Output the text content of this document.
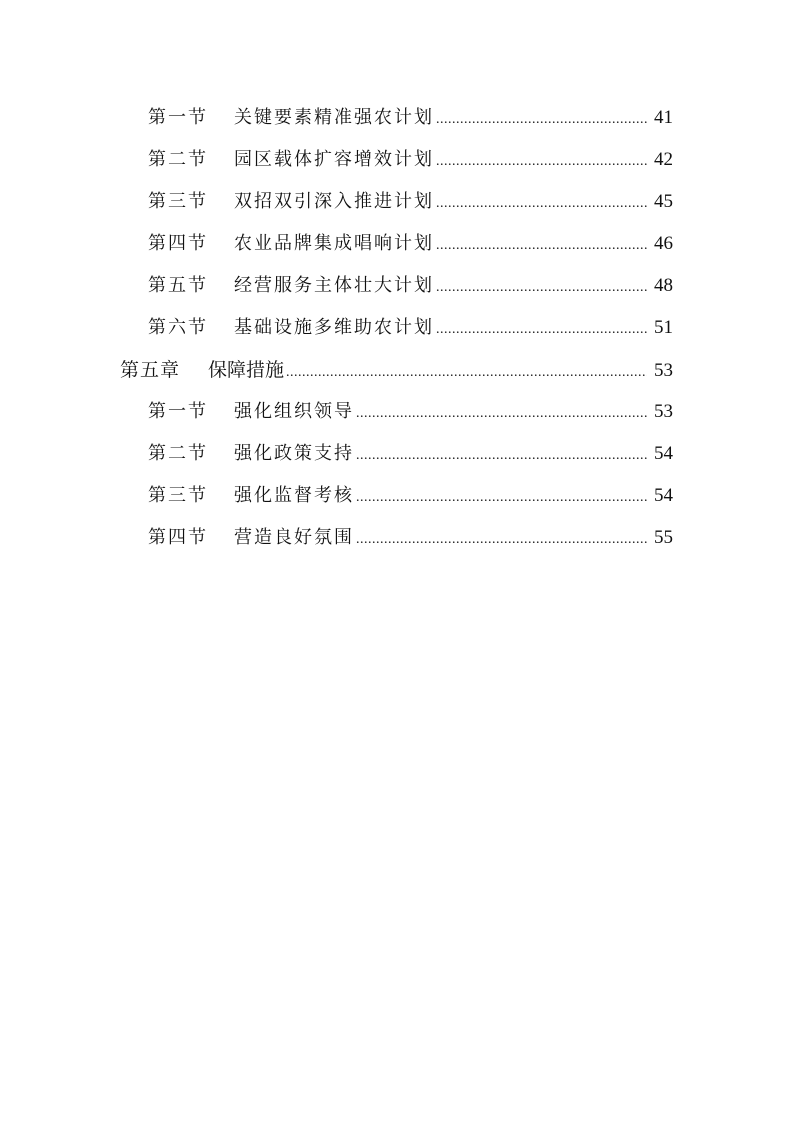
第一节	关键要素精准强农计划 .....	41
第二节	园区载体扩容增效计划 .....	42
第三节	双招双引深入推进计划 .....	45
第四节	农业品牌集成唱响计划 .....	46
第五节	经营服务主体壮大计划 .....	48
第六节	基础设施多维助农计划 .....	51
第五章	保障措施 .....	53
第一节	强化组织领导 .....	53
第二节	强化政策支持 .....	54
第三节	强化监督考核 .....	54
第四节	营造良好氛围 .....	55
